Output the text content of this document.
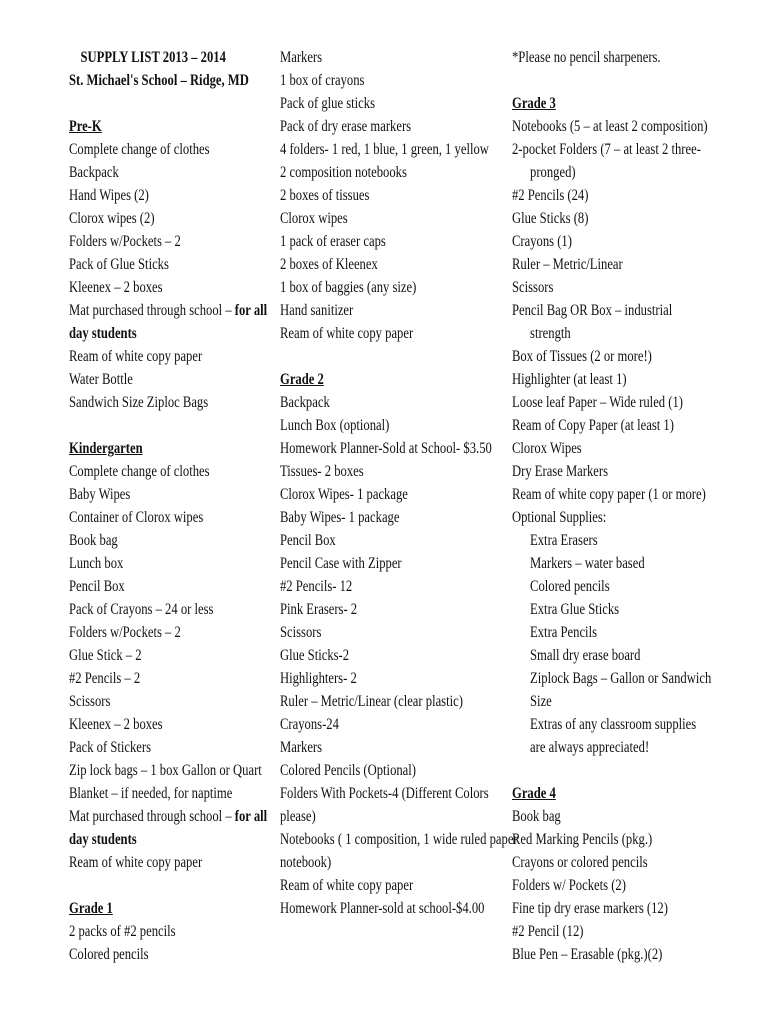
SUPPLY LIST 2013 – 2014
St. Michael's School – Ridge, MD
Pre-K
Complete change of clothes
Backpack
Hand Wipes (2)
Clorox wipes (2)
Folders w/Pockets – 2
Pack of Glue Sticks
Kleenex – 2 boxes
Mat purchased through school – for all
day students
Ream of white copy paper
Water Bottle
Sandwich Size Ziploc Bags
Kindergarten
Complete change of clothes
Baby Wipes
Container of Clorox wipes
Book bag
Lunch box
Pencil Box
Pack of Crayons – 24 or less
Folders w/Pockets – 2
Glue Stick – 2
#2 Pencils – 2
Scissors
Kleenex – 2 boxes
Pack of Stickers
Zip lock bags – 1 box Gallon or Quart
Blanket – if needed, for naptime
Mat purchased through school – for all
day students
Ream of white copy paper
Grade 1
2 packs of #2 pencils
Colored pencils
Markers
1 box of crayons
Pack of glue sticks
Pack of dry erase markers
4 folders- 1 red, 1 blue, 1 green, 1 yellow
2 composition notebooks
2 boxes of tissues
Clorox wipes
1 pack of eraser caps
2 boxes of Kleenex
1 box of baggies (any size)
Hand sanitizer
Ream of white copy paper
Grade 2
Backpack
Lunch Box (optional)
Homework Planner-Sold at School- $3.50
Tissues- 2 boxes
Clorox Wipes- 1 package
Baby Wipes- 1 package
Pencil Box
Pencil Case with Zipper
#2 Pencils- 12
Pink Erasers- 2
Scissors
Glue Sticks-2
Highlighters- 2
Ruler – Metric/Linear (clear plastic)
Crayons-24
Markers
Colored Pencils (Optional)
Folders With Pockets-4 (Different Colors
please)
Notebooks ( 1 composition, 1 wide ruled paper
notebook)
Ream of white copy paper
Homework Planner-sold at school-$4.00
*Please no pencil sharpeners.
Grade 3
Notebooks (5 – at least 2 composition)
2-pocket Folders (7 – at least 2 three-
pronged)
#2 Pencils (24)
Glue Sticks (8)
Crayons (1)
Ruler – Metric/Linear
Scissors
Pencil Bag OR Box – industrial
strength
Box of Tissues (2 or more!)
Highlighter (at least 1)
Loose leaf Paper – Wide ruled (1)
Ream of Copy Paper (at least 1)
Clorox Wipes
Dry Erase Markers
Ream of white copy paper (1 or more)
Optional Supplies:
Extra Erasers
Markers – water based
Colored pencils
Extra Glue Sticks
Extra Pencils
Small dry erase board
Ziplock Bags – Gallon or Sandwich
Size
Extras of any classroom supplies
are always appreciated!
Grade 4
Book bag
Red Marking Pencils (pkg.)
Crayons or colored pencils
Folders w/ Pockets (2)
Fine tip dry erase markers (12)
#2 Pencil (12)
Blue Pen – Erasable (pkg.)(2)
